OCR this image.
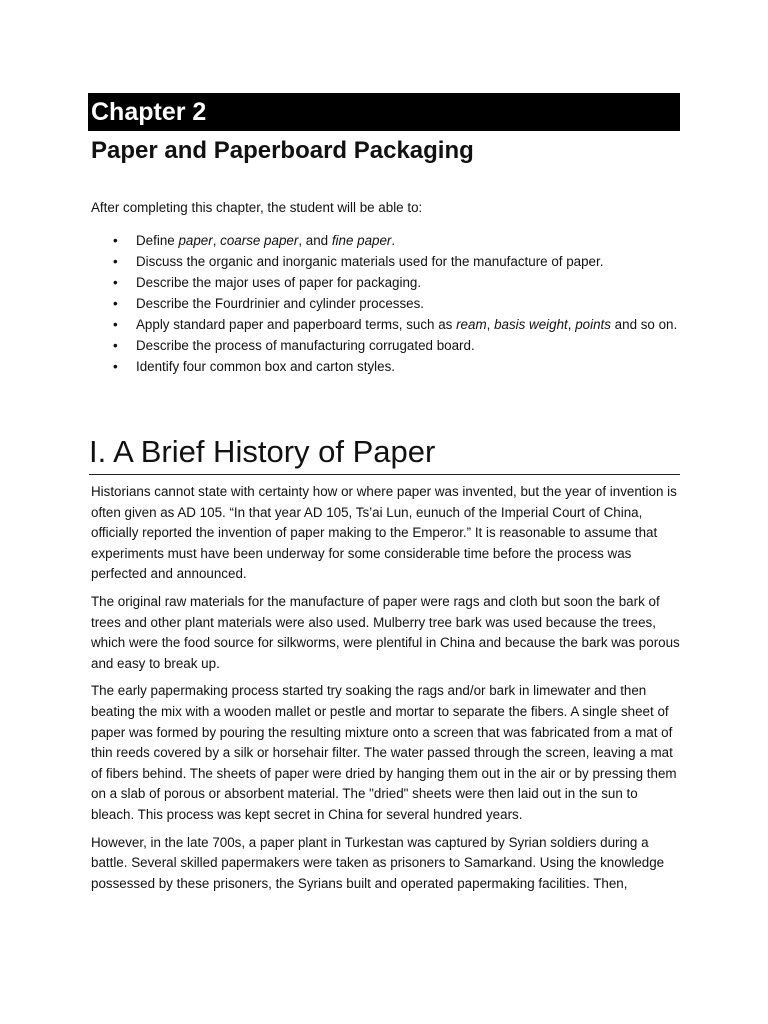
Chapter 2
Paper and Paperboard Packaging
After completing this chapter, the student will be able to:
• Define paper, coarse paper, and fine paper.
• Discuss the organic and inorganic materials used for the manufacture of paper.
• Describe the major uses of paper for packaging.
• Describe the Fourdrinier and cylinder processes.
• Apply standard paper and paperboard terms, such as ream, basis weight, points and so on.
• Describe the process of manufacturing corrugated board.
• Identify four common box and carton styles.
I. A Brief History of Paper

Historians cannot state with certainty how or where paper was invented, but the year of invention is often given as AD 105. “In that year AD 105, Ts’ai Lun, eunuch of the Imperial Court of China, officially reported the invention of paper making to the Emperor.” It is reasonable to assume that experiments must have been underway for some considerable time before the process was perfected and announced.

The original raw materials for the manufacture of paper were rags and cloth but soon the bark of trees and other plant materials were also used. Mulberry tree bark was used because the trees, which were the food source for silkworms, were plentiful in China and because the bark was porous and easy to break up.

The early papermaking process started try soaking the rags and/or bark in limewater and then beating the mix with a wooden mallet or pestle and mortar to separate the fibers. A single sheet of paper was formed by pouring the resulting mixture onto a screen that was fabricated from a mat of thin reeds covered by a silk or horsehair filter. The water passed through the screen, leaving a mat of fibers behind. The sheets of paper were dried by hanging them out in the air or by pressing them on a slab of porous or absorbent material. The "dried" sheets were then laid out in the sun to bleach. This process was kept secret in China for several hundred years.

However, in the late 700s, a paper plant in Turkestan was captured by Syrian soldiers during a battle. Several skilled papermakers were taken as prisoners to Samarkand. Using the knowledge possessed by these prisoners, the Syrians built and operated papermaking facilities. Then,
